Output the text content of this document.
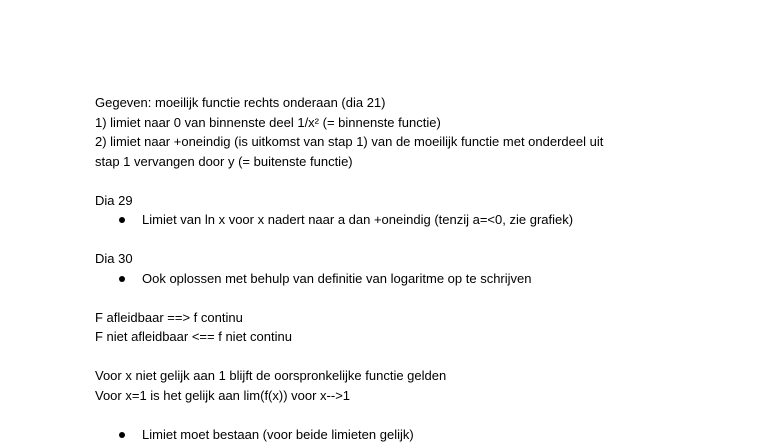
Gegeven: moeilijk functie rechts onderaan (dia 21)
1) limiet naar 0 van binnenste deel 1/x² (= binnenste functie)
2) limiet naar +oneindig (is uitkomst van stap 1) van de moeilijk functie met onderdeel uit
stap 1 vervangen door y (= buitenste functie)
Dia 29
Limiet van ln x voor x nadert naar a dan +oneindig (tenzij a=<0, zie grafiek)
Dia 30
Ook oplossen met behulp van definitie van logaritme op te schrijven
F afleidbaar ==> f continu
F niet afleidbaar <== f niet continu
Voor x niet gelijk aan 1 blijft de oorspronkelijke functie gelden
Voor x=1 is het gelijk aan lim(f(x)) voor x-->1
Limiet moet bestaan (voor beide limieten gelijk)
